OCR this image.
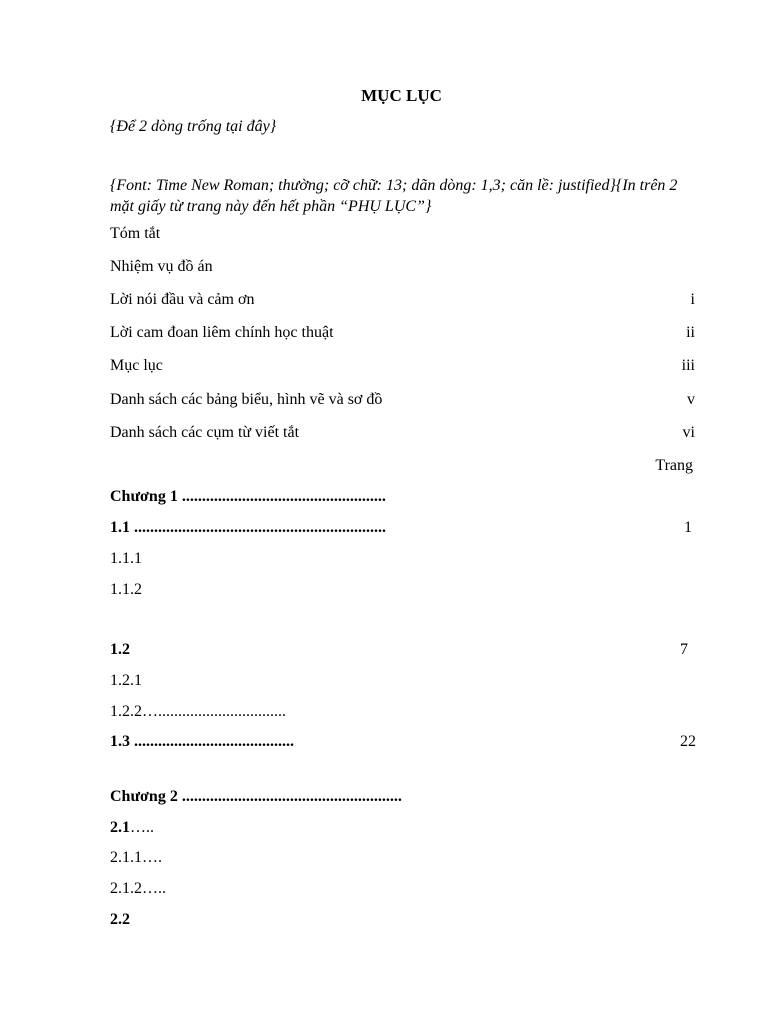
MỤC LỤC
{Để 2 dòng trống tại đây}
{Font: Time New Roman; thường; cỡ chữ: 13; dãn dòng: 1,3; căn lề: justified}{In trên 2 mặt giấy từ trang này đến hết phần “PHỤ LỤC”}
Tóm tắt
Nhiệm vụ đồ án
Lời nói đầu và cảm ơn	i
Lời cam đoan liêm chính học thuật	ii
Mục lục	iii
Danh sách các bảng biểu, hình vẽ và sơ đồ	v
Danh sách các cụm từ viết tắt	vi
Trang
Chương 1 ...................................................
1.1 ...............................................................	1
1.1.1
1.1.2
1.2	7
1.2.1
1.2.2…................................
1.3 ........................................	22
Chương 2 .......................................................
2.1…..
2.1.1….
2.1.2…..
2.2
